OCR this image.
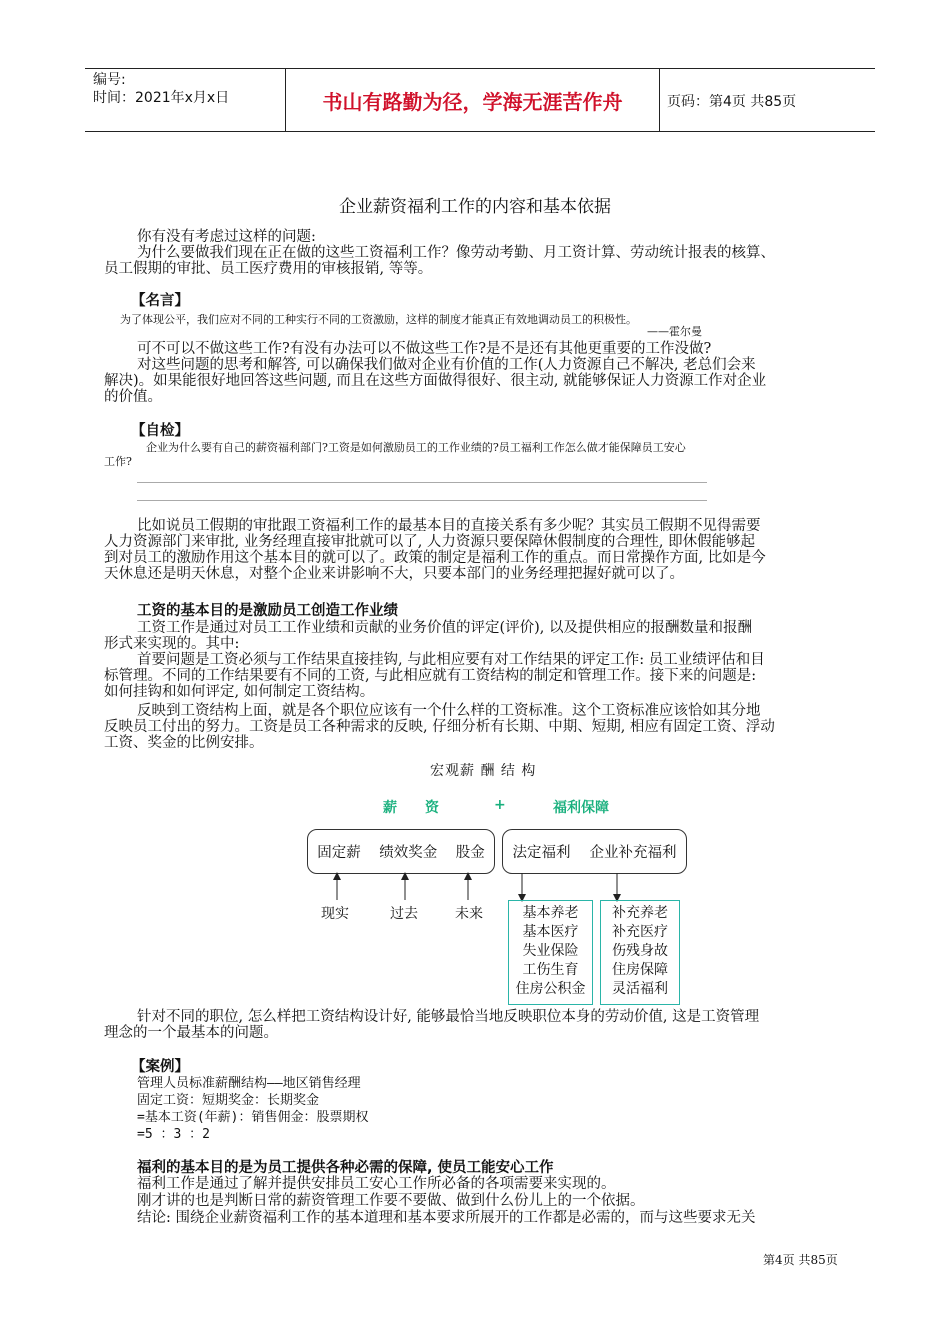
编号:
时间：2021年x月x日	书山有路勤为径，学海无涯苦作舟	页码：第4页 共85页
企业薪资福利工作的内容和基本依据
你有没有考虑过这样的问题:
为什么要做我们现在正在做的这些工资福利工作？像劳动考勤、月工资计算、劳动统计报表的核算、
员工假期的审批、员工医疗费用的审核报销, 等等。
【名言】
为了体现公平，我们应对不同的工种实行不同的工资激励，这样的制度才能真正有效地调动员工的积极性。
——霍尔曼
可不可以不做这些工作?有没有办法可以不做这些工作?是不是还有其他更重要的工作没做?
对这些问题的思考和解答, 可以确保我们做对企业有价值的工作(人力资源自己不解决, 老总们会来
解决)。如果能很好地回答这些问题, 而且在这些方面做得很好、很主动, 就能够保证人力资源工作对企业
的价值。
【自检】
企业为什么要有自己的薪资福利部门?工资是如何激励员工的工作业绩的?员工福利工作怎么做才能保障员工安心
工作?
比如说员工假期的审批跟工资福利工作的最基本目的直接关系有多少呢？其实员工假期不见得需要
人力资源部门来审批, 业务经理直接审批就可以了, 人力资源只要保障休假制度的合理性, 即休假能够起
到对员工的激励作用这个基本目的就可以了。政策的制定是福利工作的重点。而日常操作方面, 比如是今
天休息还是明天休息，对整个企业来讲影响不大，只要本部门的业务经理把握好就可以了。
工资的基本目的是激励员工创造工作业绩
工资工作是通过对员工工作业绩和贡献的业务价值的评定(评价), 以及提供相应的报酬数量和报酬
形式来实现的。其中:
首要问题是工资必须与工作结果直接挂钩, 与此相应要有对工作结果的评定工作: 员工业绩评估和目
标管理。不同的工作结果要有不同的工资, 与此相应就有工资结构的制定和管理工作。接下来的问题是:
如何挂钩和如何评定, 如何制定工资结构。
反映到工资结构上面，就是各个职位应该有一个什么样的工资标准。这个工资标准应该恰如其分地
反映员工付出的努力。工资是员工各种需求的反映, 仔细分析有长期、中期、短期, 相应有固定工资、浮动
工资、奖金的比例安排。
宏观薪 酬 结 构
薪　　资	+	福利保障
固定薪 绩效奖金 股金 法定福利 企业补充福利
现实	过去	未来	基本养老
基本医疗
失业保险
工伤生育
住房公积金
补充养老
补充医疗
伤残身故
住房保障
灵活福利
针对不同的职位, 怎么样把工资结构设计好, 能够最恰当地反映职位本身的劳动价值, 这是工资管理
理念的一个最基本的问题。
【案例】
管理人员标准薪酬结构——地区销售经理
固定工资：短期奖金：长期奖金
=基本工资(年薪)：销售佣金：股票期权
=5 ：3 ：2
福利的基本目的是为员工提供各种必需的保障, 使员工能安心工作
福利工作是通过了解并提供安排员工安心工作所必备的各项需要来实现的。
刚才讲的也是判断日常的薪资管理工作要不要做、做到什么份儿上的一个依据。
结论: 围绕企业薪资福利工作的基本道理和基本要求所展开的工作都是必需的，而与这些要求无关
第4页 共85页
